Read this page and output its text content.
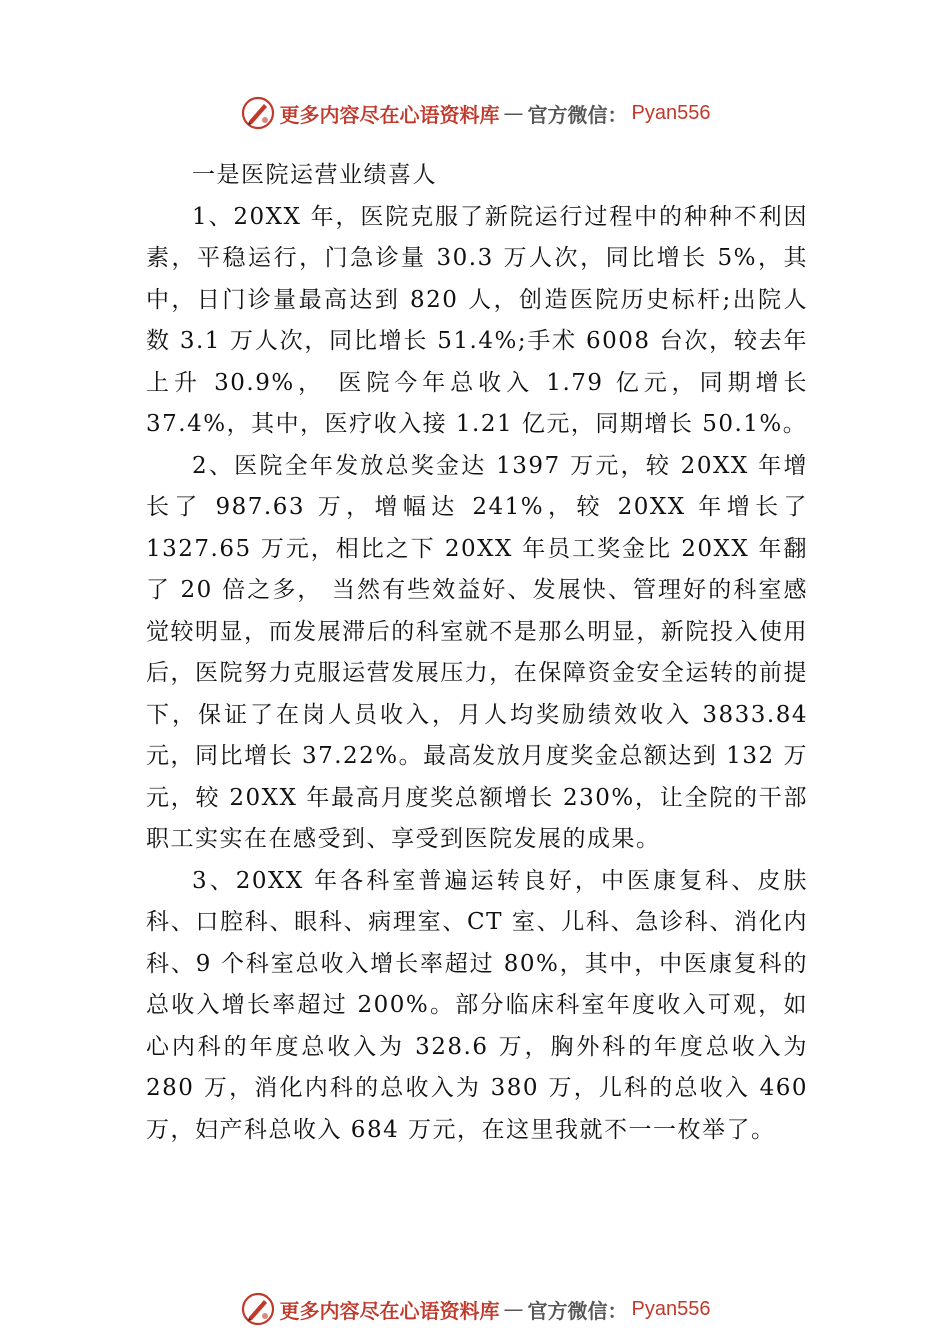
更多内容尽在心语资料库 — 官方微信： Pyan556

一是医院运营业绩喜人

1、20XX 年，医院克服了新院运行过程中的种种不利因素，平稳运行，门急诊量 30.3 万人次，同比增长 5%，其中，日门诊量最高达到 820 人，创造医院历史标杆;出院人数 3.1 万人次，同比增长 51.4%;手术 6008 台次，较去年上升 30.9%， 医院今年总收入 1.79 亿元，同期增长 37.4%，其中，医疗收入接 1.21 亿元，同期增长 50.1%。

2、医院全年发放总奖金达 1397 万元，较 20XX 年增长了 987.63 万，增幅达 241%，较 20XX 年增长了 1327.65 万元，相比之下 20XX 年员工奖金比 20XX 年翻了 20 倍之多， 当然有些效益好、发展快、管理好的科室感觉较明显，而发展滞后的科室就不是那么明显，新院投入使用后，医院努力克服运营发展压力，在保障资金安全运转的前提下，保证了在岗人员收入，月人均奖励绩效收入 3833.84 元，同比增长 37.22%。最高发放月度奖金总额达到 132 万元，较 20XX 年最高月度奖总额增长 230%，让全院的干部职工实实在在感受到、享受到医院发展的成果。

3、20XX 年各科室普遍运转良好，中医康复科、皮肤科、口腔科、眼科、病理室、CT 室、儿科、急诊科、消化内科、9 个科室总收入增长率超过 80%，其中，中医康复科的总收入增长率超过 200%。部分临床科室年度收入可观，如心内科的年度总收入为 328.6 万，胸外科的年度总收入为 280 万，消化内科的总收入为 380 万，儿科的总收入 460 万，妇产科总收入 684 万元，在这里我就不一一枚举了。

更多内容尽在心语资料库 — 官方微信： Pyan556
